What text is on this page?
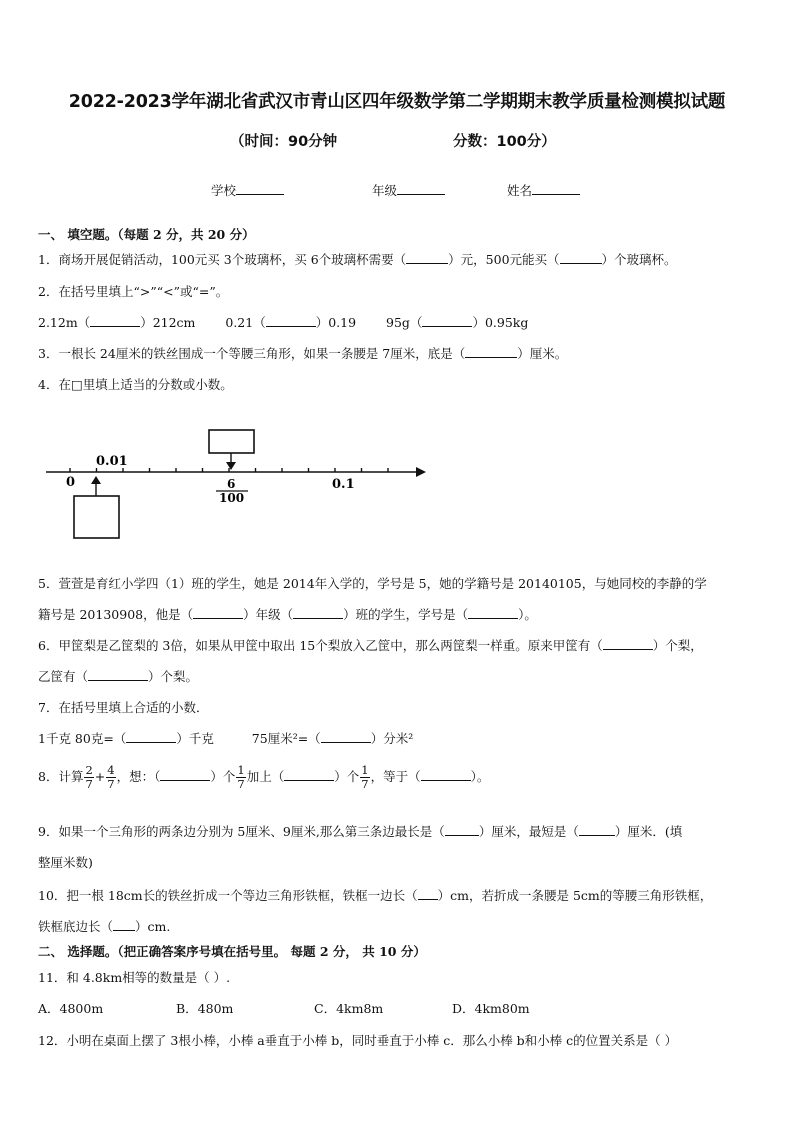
2022-2023学年湖北省武汉市青山区四年级数学第二学期期末教学质量检测模拟试题
（时间：90分钟	分数：100分）
学校	年级	姓名
一、 填空题。（每题 2 分，共 20 分）
1．商场开展促销活动，100元买 3个玻璃杯，买 6个玻璃杯需要（	）元，500元能买（	）个玻璃杯。
2．在括号里填上“>”“<”或“=”。
2.12m（	）212cm 0.21（	）0.19 95g（	）0.95kg
3．一根长 24厘米的铁丝围成一个等腰三角形，如果一条腰是 7厘米，底是（	）厘米。
4．在□里填上适当的分数或小数。
0.01
0	6
100
0.1
5．萱萱是育红小学四（1）班的学生，她是 2014年入学的，学号是 5，她的学籍号是 20140105，与她同校的李静的学
籍号是 20130908，他是（	）年级（	）班的学生，学号是（	）。
6．甲筐梨是乙筐梨的 3倍，如果从甲筐中取出 15个梨放入乙筐中，那么两筐梨一样重。原来甲筐有（	）个梨，
乙筐有（	）个梨。
7．在括号里填上合适的小数．
1千克 80克=（	）千克	75厘米²=（	）分米²
8．计算 $\frac{2}{7} + \frac{4}{7}$ ，想：（	）个 $\frac{1}{7}$ 加上（	）个 $\frac{1}{7}$ ，等于（	）。
9．如果一个三角形的两条边分别为 5厘米、9厘米,那么第三条边最长是（	）厘米，最短是（	）厘米．(填
整厘米数)
10．把一根 18cm长的铁丝折成一个等边三角形铁框，铁框一边长（ ）cm，若折成一条腰是 5cm的等腰三角形铁框，
铁框底边长（ ）cm.
二、 选择题。（把正确答案序号填在括号里。 每题 2 分， 共 10 分）
11．和 4.8km相等的数量是（ ）.
A．4800m	B．480m	C．4km8m	D．4km80m
12．小明在桌面上摆了 3根小棒，小棒 a垂直于小棒 b，同时垂直于小棒 c．那么小棒 b和小棒 c的位置关系是（ ）
